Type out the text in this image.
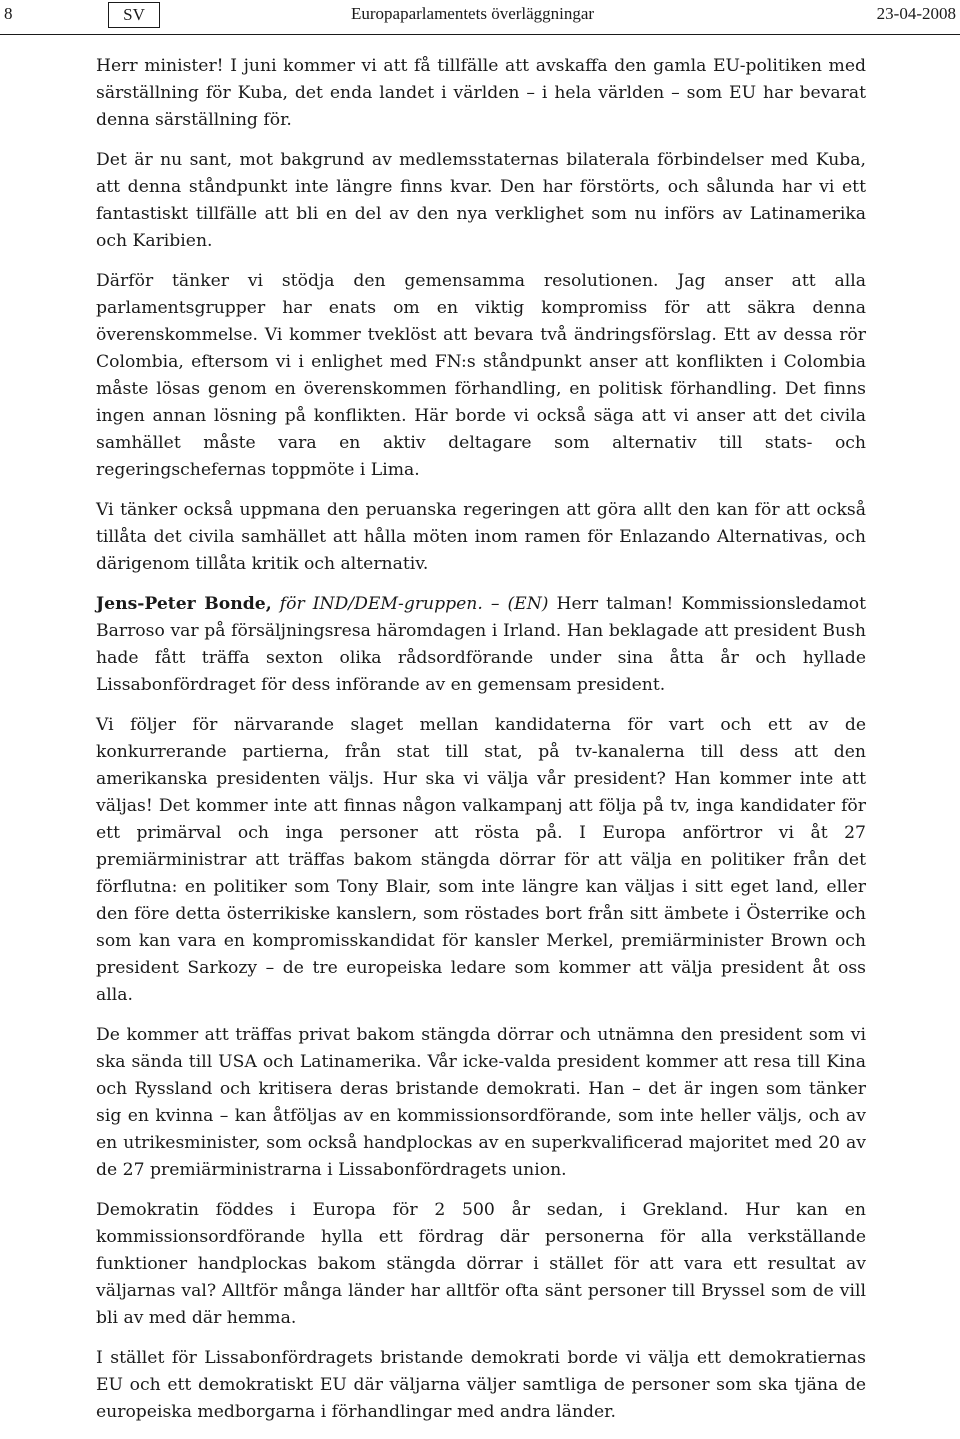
8	SV	Europaparlamentets överläggningar	23-04-2008

Herr minister! I juni kommer vi att få tillfälle att avskaffa den gamla EU-politiken med särställning för Kuba, det enda landet i världen – i hela världen – som EU har bevarat denna särställning för.

Det är nu sant, mot bakgrund av medlemsstaternas bilaterala förbindelser med Kuba, att denna ståndpunkt inte längre finns kvar. Den har förstörts, och sålunda har vi ett fantastiskt tillfälle att bli en del av den nya verklighet som nu införs av Latinamerika och Karibien.

Därför tänker vi stödja den gemensamma resolutionen. Jag anser att alla parlamentsgrupper har enats om en viktig kompromiss för att säkra denna överenskommelse. Vi kommer tveklöst att bevara två ändringsförslag. Ett av dessa rör Colombia, eftersom vi i enlighet med FN:s ståndpunkt anser att konflikten i Colombia måste lösas genom en överenskommen förhandling, en politisk förhandling. Det finns ingen annan lösning på konflikten. Här borde vi också säga att vi anser att det civila samhället måste vara en aktiv deltagare som alternativ till stats- och regeringschefernas toppmöte i Lima.

Vi tänker också uppmana den peruanska regeringen att göra allt den kan för att också tillåta det civila samhället att hålla möten inom ramen för Enlazando Alternativas, och därigenom tillåta kritik och alternativ.

Jens-Peter Bonde, för IND/DEM-gruppen. – (EN) Herr talman! Kommissionsledamot Barroso var på försäljningsresa häromdagen i Irland. Han beklagade att president Bush hade fått träffa sexton olika rådsordförande under sina åtta år och hyllade Lissabonfördraget för dess införande av en gemensam president.

Vi följer för närvarande slaget mellan kandidaterna för vart och ett av de konkurrerande partierna, från stat till stat, på tv-kanalerna till dess att den amerikanska presidenten väljs. Hur ska vi välja vår president? Han kommer inte att väljas! Det kommer inte att finnas någon valkampanj att följa på tv, inga kandidater för ett primärval och inga personer att rösta på. I Europa anförtror vi åt 27 premiärministrar att träffas bakom stängda dörrar för att välja en politiker från det förflutna: en politiker som Tony Blair, som inte längre kan väljas i sitt eget land, eller den före detta österrikiske kanslern, som röstades bort från sitt ämbete i Österrike och som kan vara en kompromisskandidat för kansler Merkel, premiärminister Brown och president Sarkozy – de tre europeiska ledare som kommer att välja president åt oss alla.

De kommer att träffas privat bakom stängda dörrar och utnämna den president som vi ska sända till USA och Latinamerika. Vår icke-valda president kommer att resa till Kina och Ryssland och kritisera deras bristande demokrati. Han – det är ingen som tänker sig en kvinna – kan åtföljas av en kommissionsordförande, som inte heller väljs, och av en utrikesminister, som också handplockas av en superkvalificerad majoritet med 20 av de 27 premiärministrarna i Lissabonfördragets union.

Demokratin föddes i Europa för 2 500 år sedan, i Grekland. Hur kan en kommissionsordförande hylla ett fördrag där personerna för alla verkställande funktioner handplockas bakom stängda dörrar i stället för att vara ett resultat av väljarnas val? Alltför många länder har alltför ofta sänt personer till Bryssel som de vill bli av med där hemma.

I stället för Lissabonfördragets bristande demokrati borde vi välja ett demokratiernas EU och ett demokratiskt EU där väljarna väljer samtliga de personer som ska tjäna de europeiska medborgarna i förhandlingar med andra länder.
